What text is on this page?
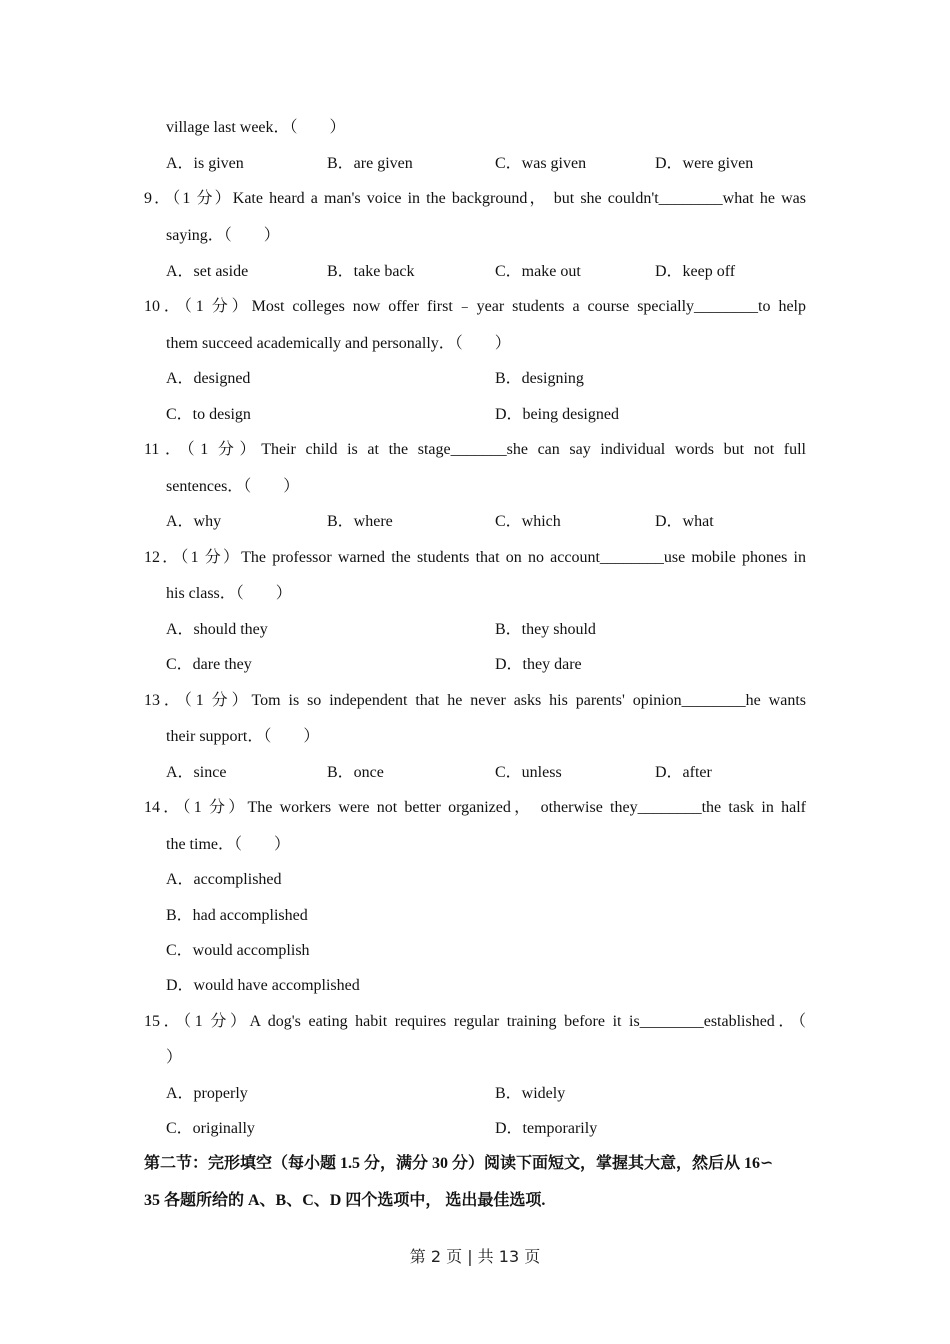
village last week．（　　）
A．is given	B．are given	C．was given	D．were given
9．（1 分）Kate heard a man's voice in the background， but she couldn't________what he was
saying．（　　）
A．set aside	B．take back	C．make out	D．keep off
10．（1 分）Most colleges now offer first﹣year students a course specially________to help
them succeed academically and personally．（　　）
A．designed	B．designing
C．to design	D．being designed
11．（1 分）Their child is at the stage_______she can say individual words but not full
sentences．（　　）
A．why	B．where	C．which	D．what
12．（1 分）The professor warned the students that on no account________use mobile phones in
his class．（　　）
A．should they	B．they should
C．dare they	D．they dare
13．（1 分）Tom is so independent that he never asks his parents' opinion________he wants
their support．（　　）
A．since	B．once	C．unless	D．after
14．（1 分）The workers were not better organized， otherwise they________the task in half
the time．（　　）
A．accomplished
B．had accomplished
C．would accomplish
D．would have accomplished
15．（1 分）A dog's eating habit requires regular training before it is________established．（
）
A．properly	B．widely
C．originally	D．temporarily
第二节：完形填空（每小题 1.5 分，满分 30 分）阅读下面短文，掌握其大意，然后从 16∽
35 各题所给的 A、B、C、D 四个选项中， 选出最佳选项.
第 2 页 | 共 13 页
